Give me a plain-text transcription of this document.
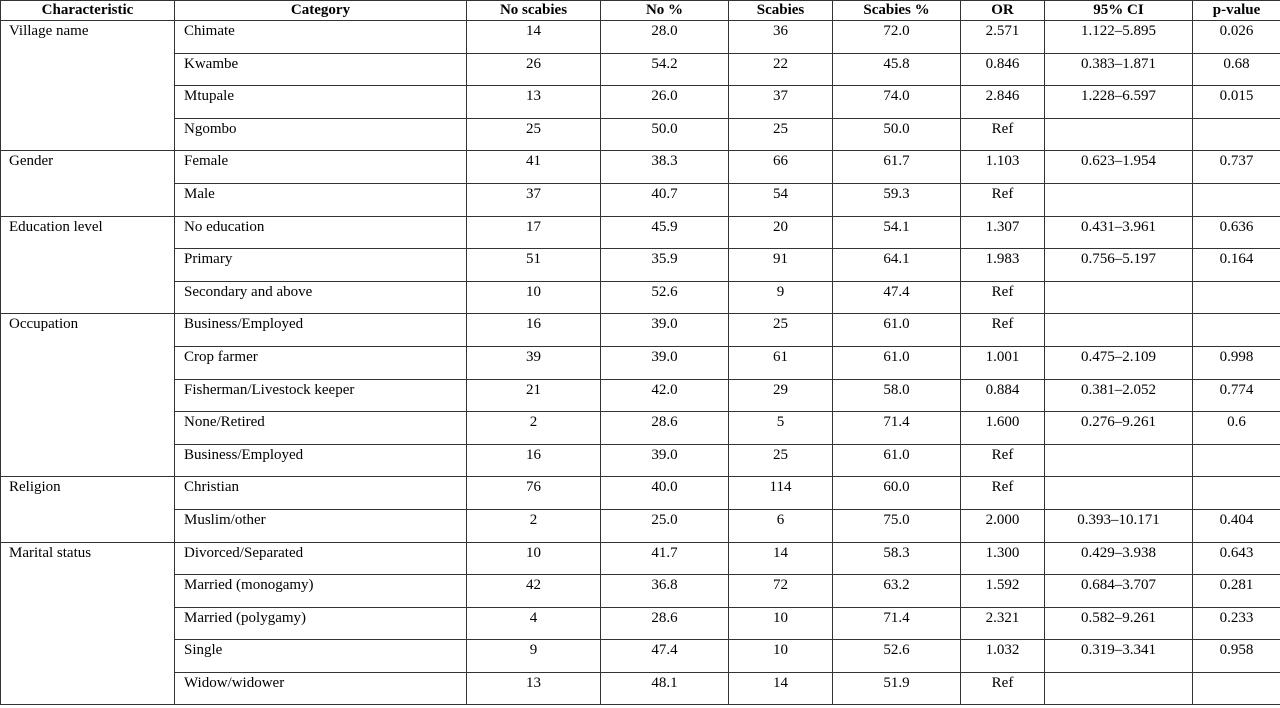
Characteristic	Category	No scabies	No %	Scabies	Scabies %	OR	95% CI	p-value
Village name	Chimate	14	28.0	36	72.0	2.571	1.122–5.895	0.026
	Kwambe	26	54.2	22	45.8	0.846	0.383–1.871	0.68
	Mtupale	13	26.0	37	74.0	2.846	1.228–6.597	0.015
	Ngombo	25	50.0	25	50.0	Ref		
Gender	Female	41	38.3	66	61.7	1.103	0.623–1.954	0.737
	Male	37	40.7	54	59.3	Ref		
Education level	No education	17	45.9	20	54.1	1.307	0.431–3.961	0.636
	Primary	51	35.9	91	64.1	1.983	0.756–5.197	0.164
	Secondary and above	10	52.6	9	47.4	Ref		
Occupation	Business/Employed	16	39.0	25	61.0	Ref		
	Crop farmer	39	39.0	61	61.0	1.001	0.475–2.109	0.998
	Fisherman/Livestock keeper	21	42.0	29	58.0	0.884	0.381–2.052	0.774
	None/Retired	2	28.6	5	71.4	1.600	0.276–9.261	0.6
	Business/Employed	16	39.0	25	61.0	Ref		
Religion	Christian	76	40.0	114	60.0	Ref		
	Muslim/other	2	25.0	6	75.0	2.000	0.393–10.171	0.404
Marital status	Divorced/Separated	10	41.7	14	58.3	1.300	0.429–3.938	0.643
	Married (monogamy)	42	36.8	72	63.2	1.592	0.684–3.707	0.281
	Married (polygamy)	4	28.6	10	71.4	2.321	0.582–9.261	0.233
	Single	9	47.4	10	52.6	1.032	0.319–3.341	0.958
	Widow/widower	13	48.1	14	51.9	Ref		
